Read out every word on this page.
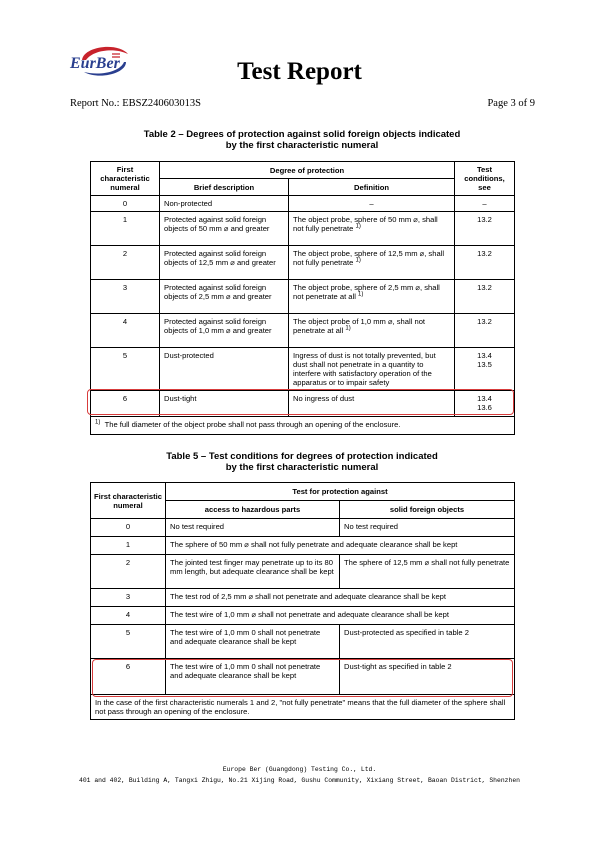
EurBer	Test Report
Report No.: EBSZ240603013S	Page 3 of 9
Table 2 – Degrees of protection against solid foreign objects indicated
by the first characteristic numeral
First characteristic numeral	Degree of protection		Test conditions, see
	Brief description	Definition	
0	Non-protected	–	–
1	Protected against solid foreign objects of 50 mm ⌀ and greater	The object probe, sphere of 50 mm ⌀, shall not fully penetrate $^{1)}$	13.2
2	Protected against solid foreign objects of 12,5 mm ⌀ and greater	The object probe, sphere of 12,5 mm ⌀, shall not fully penetrate $^{1)}$	13.2
3	Protected against solid foreign objects of 2,5 mm ⌀ and greater	The object probe, sphere of 2,5 mm ⌀, shall not penetrate at all $^{1)}$	13.2
4	Protected against solid foreign objects of 1,0 mm ⌀ and greater	The object probe of 1,0 mm ⌀, shall not penetrate at all $^{1)}$	13.2
5	Dust-protected	Ingress of dust is not totally prevented, but dust shall not penetrate in a quantity to interfere with satisfactory operation of the apparatus or to impair safety	13.4
13.5
6	Dust-tight	No ingress of dust	13.4
13.6
$^{1)}$ The full diameter of the object probe shall not pass through an opening of the enclosure.			
Table 5 – Test conditions for degrees of protection indicated
by the first characteristic numeral
First characteristic numeral	Test for protection against	
	access to hazardous parts	solid foreign objects
0	No test required	No test required
1	The sphere of 50 mm ⌀ shall not fully penetrate and adequate clearance shall be kept	
2	The jointed test finger may penetrate up to its 80 mm length, but adequate clearance shall be kept	The sphere of 12,5 mm ⌀ shall not fully penetrate
3	The test rod of 2,5 mm ⌀ shall not penetrate and adequate clearance shall be kept	
4	The test wire of 1,0 mm ⌀ shall not penetrate and adequate clearance shall be kept	
5	The test wire of 1,0 mm 0 shall not penetrate and adequate clearance shall be kept	Dust-protected as specified in table 2
6	The test wire of 1,0 mm 0 shall not penetrate and adequate clearance shall be kept	Dust-tight as specified in table 2
In the case of the first characteristic numerals 1 and 2, "not fully penetrate" means that the full diameter of the sphere shall not pass through an opening of the enclosure.		
Europe Ber (Guangdong) Testing Co., Ltd.
401 and 402, Building A, Tangxi Zhigu, No.21 Xijing Road, Gushu Community, Xixiang Street, Baoan District, Shenzhen
